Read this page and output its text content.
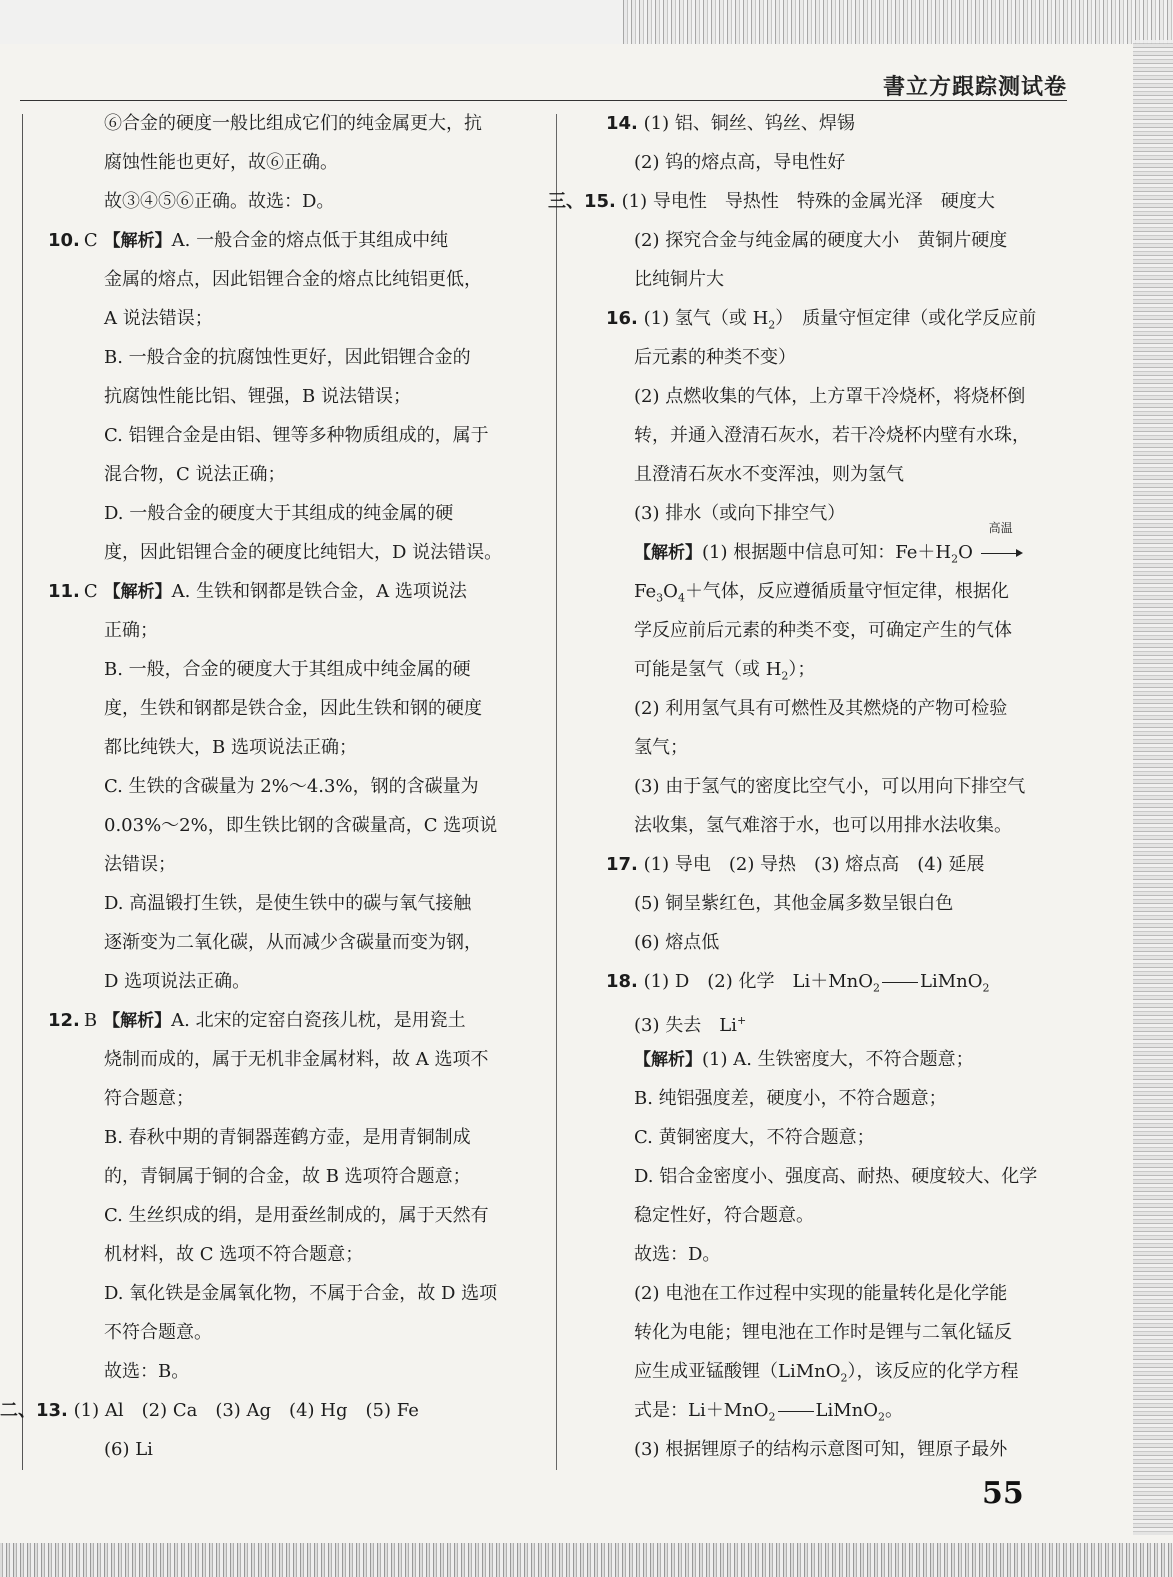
書立方跟踪测试卷
⑥合金的硬度一般比组成它们的纯金属更大，抗
腐蚀性能也更好，故⑥正确。
故③④⑤⑥正确。故选：D。
10. C 【解析】A. 一般合金的熔点低于其组成中纯
金属的熔点，因此铝锂合金的熔点比纯铝更低，
A 说法错误；
B. 一般合金的抗腐蚀性更好，因此铝锂合金的
抗腐蚀性能比铝、锂强，B 说法错误；
C. 铝锂合金是由铝、锂等多种物质组成的，属于
混合物，C 说法正确；
D. 一般合金的硬度大于其组成的纯金属的硬
度，因此铝锂合金的硬度比纯铝大，D 说法错误。
11. C 【解析】A. 生铁和钢都是铁合金，A 选项说法
正确；
B. 一般，合金的硬度大于其组成中纯金属的硬
度，生铁和钢都是铁合金，因此生铁和钢的硬度
都比纯铁大，B 选项说法正确；
C. 生铁的含碳量为 2%～4.3%，钢的含碳量为
0.03%～2%，即生铁比钢的含碳量高，C 选项说
法错误；
D. 高温锻打生铁，是使生铁中的碳与氧气接触
逐渐变为二氧化碳，从而减少含碳量而变为钢，
D 选项说法正确。
12. B 【解析】A. 北宋的定窑白瓷孩儿枕，是用瓷土
烧制而成的，属于无机非金属材料，故 A 选项不
符合题意；
B. 春秋中期的青铜器莲鹤方壶，是用青铜制成
的，青铜属于铜的合金，故 B 选项符合题意；
C. 生丝织成的绢，是用蚕丝制成的，属于天然有
机材料，故 C 选项不符合题意；
D. 氧化铁是金属氧化物，不属于合金，故 D 选项
不符合题意。
故选：B。
二、13. (1) Al　(2) Ca　(3) Ag　(4) Hg　(5) Fe
(6) Li
14. (1) 铝、铜丝、钨丝、焊锡
(2) 钨的熔点高，导电性好
三、15. (1) 导电性　导热性　特殊的金属光泽　硬度大
(2) 探究合金与纯金属的硬度大小　黄铜片硬度
比纯铜片大
16. (1) 氢气（或 $H_2$）　质量守恒定律（或化学反应前
后元素的种类不变）
(2) 点燃收集的气体，上方罩干冷烧杯，将烧杯倒
转，并通入澄清石灰水，若干冷烧杯内壁有水珠，
且澄清石灰水不变浑浊，则为氢气
(3) 排水（或向下排空气）
【解析】(1) 根据题中信息可知：$Fe+H_2O$
高温
$Fe_3O_4+$气体，反应遵循质量守恒定律，根据化
学反应前后元素的种类不变，可确定产生的气体
可能是氢气（或 $H_2$）；
(2) 利用氢气具有可燃性及其燃烧的产物可检验
氢气；
(3) 由于氢气的密度比空气小，可以用向下排空气
法收集，氢气难溶于水，也可以用排水法收集。
17. (1) 导电　(2) 导热　(3) 熔点高　(4) 延展
(5) 铜呈紫红色，其他金属多数呈银白色
(6) 熔点低
18. (1) D　(2) 化学　Li＋MnO$_2$ LiMnO$_2$
(3) 失去　Li+
【解析】(1) A. 生铁密度大，不符合题意；
B. 纯铝强度差，硬度小，不符合题意；
C. 黄铜密度大，不符合题意；
D. 铝合金密度小、强度高、耐热、硬度较大、化学
稳定性好，符合题意。
故选：D。
(2) 电池在工作过程中实现的能量转化是化学能
转化为电能；锂电池在工作时是锂与二氧化锰反
应生成亚锰酸锂（LiMnO$_2$），该反应的化学方程
式是：Li＋MnO$_2$ LiMnO$_2$。
(3) 根据锂原子的结构示意图可知，锂原子最外
55
